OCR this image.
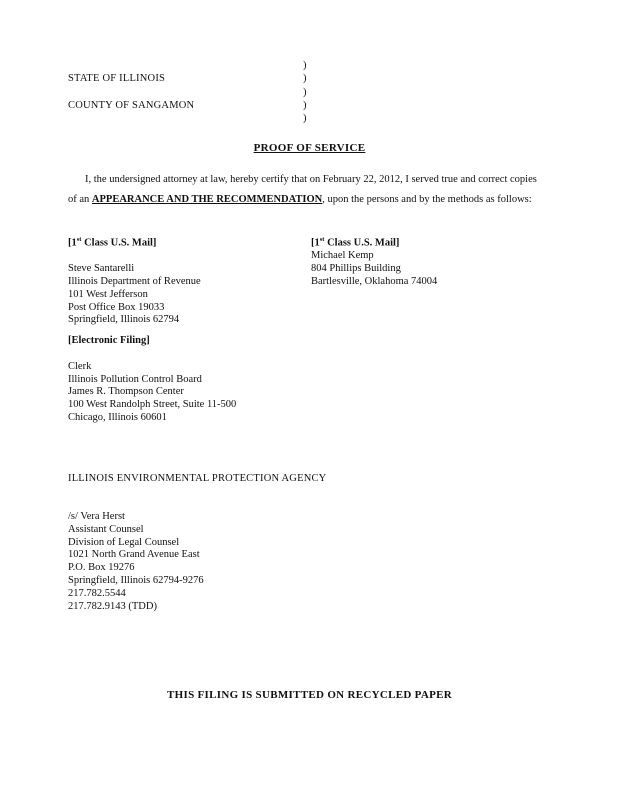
STATE OF ILLINOIS
COUNTY OF SANGAMON
)
)
)
)
)
PROOF OF SERVICE
I, the undersigned attorney at law, hereby certify that on February 22, 2012, I served true and correct copies of an APPEARANCE AND THE RECOMMENDATION, upon the persons and by the methods as follows:
[1st Class U.S. Mail]
Steve Santarelli
Illinois Department of Revenue
101 West Jefferson
Post Office Box 19033
Springfield, Illinois 62794
[1st Class U.S. Mail]
Michael Kemp
804 Phillips Building
Bartlesville, Oklahoma 74004
[Electronic Filing]
Clerk
Illinois Pollution Control Board
James R. Thompson Center
100 West Randolph Street, Suite 11-500
Chicago, Illinois 60601
ILLINOIS ENVIRONMENTAL PROTECTION AGENCY
/s/ Vera Herst
Assistant Counsel
Division of Legal Counsel
1021 North Grand Avenue East
P.O. Box 19276
Springfield, Illinois 62794-9276
217.782.5544
217.782.9143 (TDD)
THIS FILING IS SUBMITTED ON RECYCLED PAPER
